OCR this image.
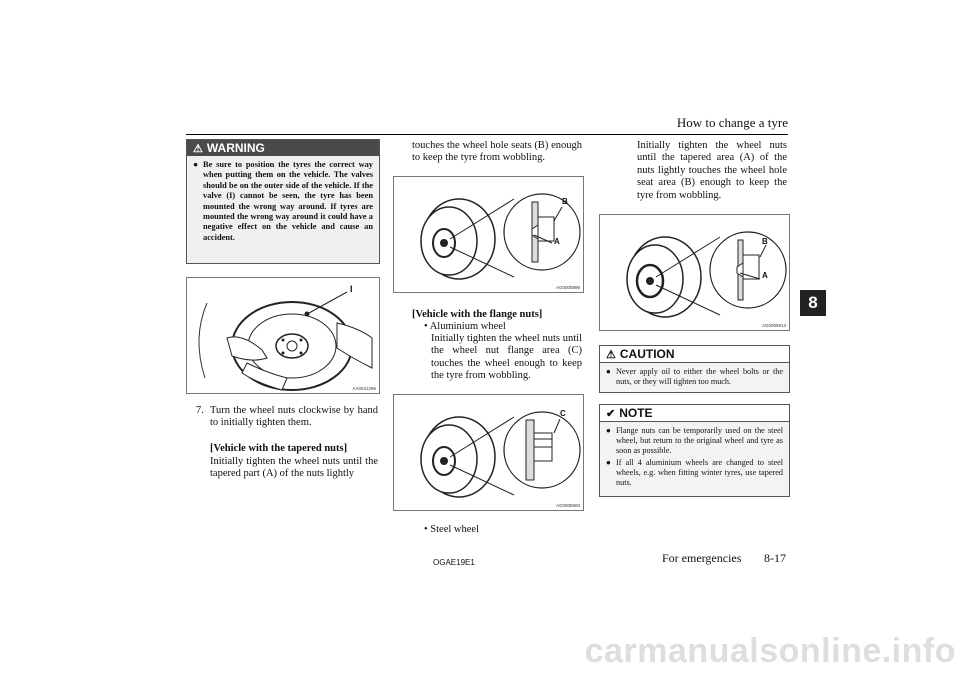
How to change a tyre
8
⚠ WARNING
● Be sure to position the tyres the correct way when putting them on the vehicle. The valves should be on the outer side of the vehicle. If the valve (I) cannot be seen, the tyre has been mounted the wrong way around. If tyres are mounted the wrong way around it could have a negative effect on the vehicle and cause an accident.
I
AA0041296
7. Turn the wheel nuts clockwise by hand to initially tighten them.
[Vehicle with the tapered nuts]
Initially tighten the wheel nuts until the tapered part (A) of the nuts lightly
touches the wheel hole seats (B) enough to keep the tyre from wobbling.
B
A
AG0005896
[Vehicle with the flange nuts]
• Aluminium wheel
Initially tighten the wheel nuts until the wheel nut flange area (C) touches the wheel enough to keep the tyre from wobbling.
C
AG0005900
• Steel wheel
Initially tighten the wheel nuts until the tapered area (A) of the nuts lightly touches the wheel hole seat area (B) enough to keep the tyre from wobbling.
B
A
AG0005913
⚠ CAUTION
● Never apply oil to either the wheel bolts or the nuts, or they will tighten too much.
✔ NOTE
● Flange nuts can be temporarily used on the steel wheel, but return to the original wheel and tyre as soon as possible.
● If all 4 aluminium wheels are changed to steel wheels, e.g. when fitting winter tyres, use tapered nuts.
OGAE19E1	For emergencies 8-17
carmanualsonline.info
